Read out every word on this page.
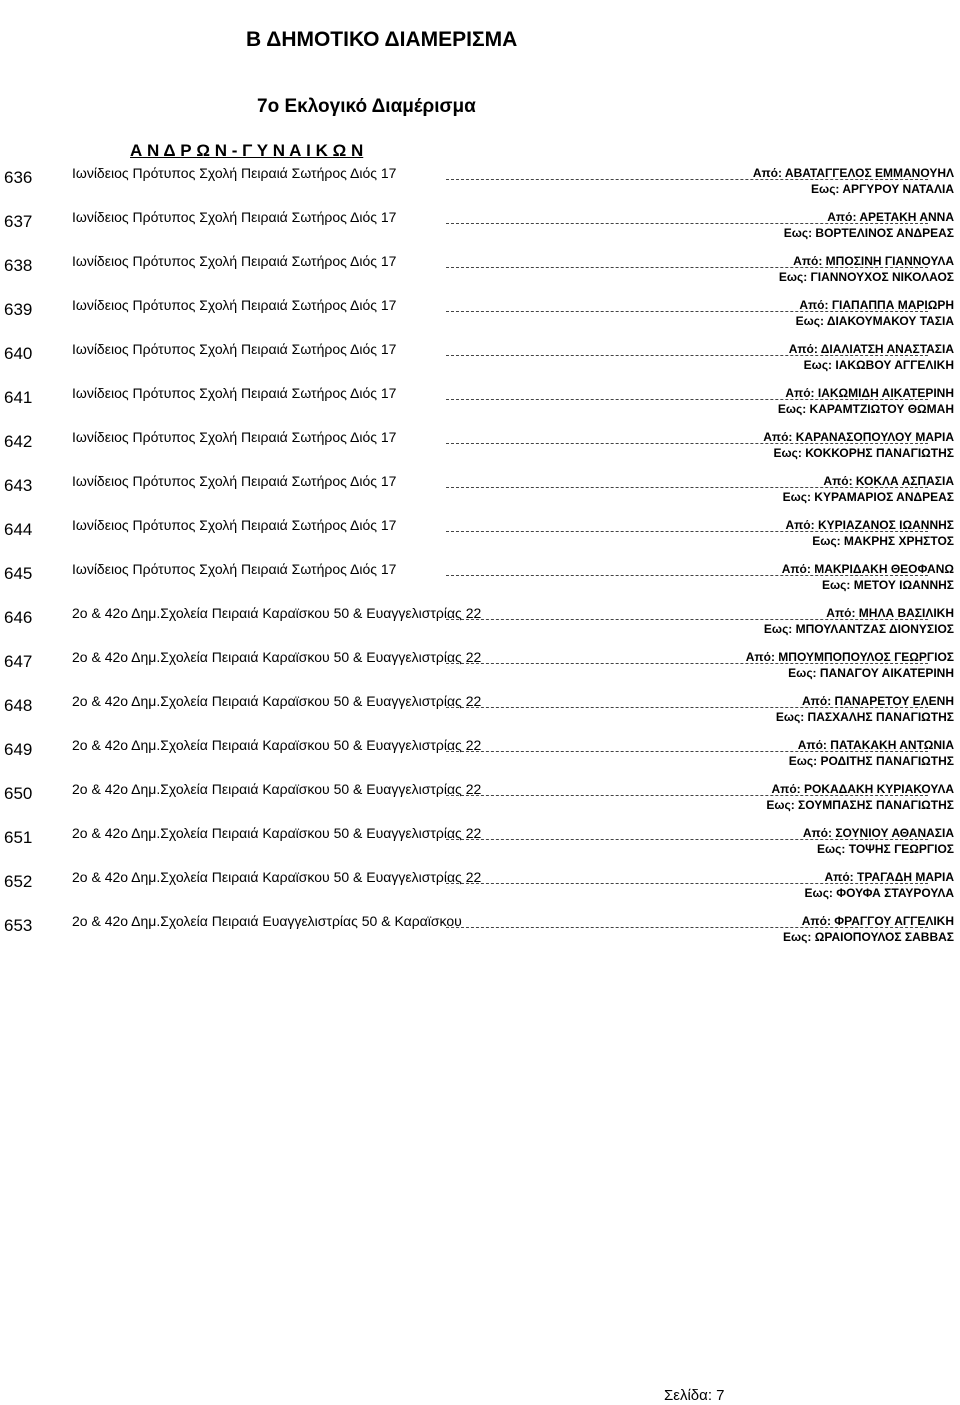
Β ΔΗΜΟΤΙΚΟ ΔΙΑΜΕΡΙΣΜΑ
7ο Εκλογικό Διαμέρισμα
Α Ν Δ Ρ Ω Ν - Γ Υ Ν Α Ι Κ Ω Ν
636	Ιωνίδειος Πρότυπος Σχολή Πειραιά Σωτήρος Διός 17	Από: ΑΒΑΤΑΓΓΕΛΟΣ ΕΜΜΑΝΟΥΗΛ
Εως: ΑΡΓΥΡΟΥ ΝΑΤΑΛΙΑ
637	Ιωνίδειος Πρότυπος Σχολή Πειραιά Σωτήρος Διός 17	Από: ΑΡΕΤΑΚΗ ΑΝΝΑ
Εως: ΒΟΡΤΕΛΙΝΟΣ ΑΝΔΡΕΑΣ
638	Ιωνίδειος Πρότυπος Σχολή Πειραιά Σωτήρος Διός 17	Από: ΜΠΟΣΙΝΗ ΓΙΑΝΝΟΥΛΑ
Εως: ΓΙΑΝΝΟΥΧΟΣ ΝΙΚΟΛΑΟΣ
639	Ιωνίδειος Πρότυπος Σχολή Πειραιά Σωτήρος Διός 17	Από: ΓΙΑΠΑΠΠΑ ΜΑΡΙΩΡΗ
Εως: ΔΙΑΚΟΥΜΑΚΟΥ ΤΑΣΙΑ
640	Ιωνίδειος Πρότυπος Σχολή Πειραιά Σωτήρος Διός 17	Από: ΔΙΑΛΙΑΤΣΗ ΑΝΑΣΤΑΣΙΑ
Εως: ΙΑΚΩΒΟΥ ΑΓΓΕΛΙΚΗ
641	Ιωνίδειος Πρότυπος Σχολή Πειραιά Σωτήρος Διός 17	Από: ΙΑΚΩΜΙΔΗ ΑΙΚΑΤΕΡΙΝΗ
Εως: ΚΑΡΑΜΤΖΙΩΤΟΥ ΘΩΜΑΗ
642	Ιωνίδειος Πρότυπος Σχολή Πειραιά Σωτήρος Διός 17	Από: ΚΑΡΑΝΑΣΟΠΟΥΛΟΥ ΜΑΡΙΑ
Εως: ΚΟΚΚΟΡΗΣ ΠΑΝΑΓΙΩΤΗΣ
643	Ιωνίδειος Πρότυπος Σχολή Πειραιά Σωτήρος Διός 17	Από: ΚΟΚΛΑ ΑΣΠΑΣΙΑ
Εως: ΚΥΡΑΜΑΡΙΟΣ ΑΝΔΡΕΑΣ
644	Ιωνίδειος Πρότυπος Σχολή Πειραιά Σωτήρος Διός 17	Από: ΚΥΡΙΑΖΑΝΟΣ ΙΩΑΝΝΗΣ
Εως: ΜΑΚΡΗΣ ΧΡΗΣΤΟΣ
645	Ιωνίδειος Πρότυπος Σχολή Πειραιά Σωτήρος Διός 17	Από: ΜΑΚΡΙΔΑΚΗ ΘΕΟΦΑΝΩ
Εως: ΜΕΤΟΥ ΙΩΑΝΝΗΣ
646	2ο & 42ο Δημ.Σχολεία Πειραιά Καραϊσκου 50 & Ευαγγελιστρίας 22	Από: ΜΗΛΑ ΒΑΣΙΛΙΚΗ
Εως: ΜΠΟΥΛΑΝΤΖΑΣ ΔΙΟΝΥΣΙΟΣ
647	2ο & 42ο Δημ.Σχολεία Πειραιά Καραϊσκου 50 & Ευαγγελιστρίας 22	Από: ΜΠΟΥΜΠΟΠΟΥΛΟΣ ΓΕΩΡΓΙΟΣ
Εως: ΠΑΝΑΓΟΥ ΑΙΚΑΤΕΡΙΝΗ
648	2ο & 42ο Δημ.Σχολεία Πειραιά Καραϊσκου 50 & Ευαγγελιστρίας 22	Από: ΠΑΝΑΡΕΤΟΥ ΕΛΕΝΗ
Εως: ΠΑΣΧΑΛΗΣ ΠΑΝΑΓΙΩΤΗΣ
649	2ο & 42ο Δημ.Σχολεία Πειραιά Καραϊσκου 50 & Ευαγγελιστρίας 22	Από: ΠΑΤΑΚΑΚΗ ΑΝΤΩΝΙΑ
Εως: ΡΟΔΙΤΗΣ ΠΑΝΑΓΙΩΤΗΣ
650	2ο & 42ο Δημ.Σχολεία Πειραιά Καραϊσκου 50 & Ευαγγελιστρίας 22	Από: ΡΟΚΑΔΑΚΗ ΚΥΡΙΑΚΟΥΛΑ
Εως: ΣΟΥΜΠΑΣΗΣ ΠΑΝΑΓΙΩΤΗΣ
651	2ο & 42ο Δημ.Σχολεία Πειραιά Καραϊσκου 50 & Ευαγγελιστρίας 22	Από: ΣΟΥΝΙΟΥ ΑΘΑΝΑΣΙΑ
Εως: ΤΟΨΗΣ ΓΕΩΡΓΙΟΣ
652	2ο & 42ο Δημ.Σχολεία Πειραιά Καραϊσκου 50 & Ευαγγελιστρίας 22	Από: ΤΡΑΓΑΔΗ ΜΑΡΙΑ
Εως: ΦΟΥΦΑ ΣΤΑΥΡΟΥΛΑ
653	2ο & 42ο Δημ.Σχολεία Πειραιά Ευαγγελιστρίας 50 & Καραϊσκου	Από: ΦΡΑΓΓΟΥ ΑΓΓΕΛΙΚΗ
Εως: ΩΡΑΙΟΠΟΥΛΟΣ ΣΑΒΒΑΣ
Σελίδα: 7
